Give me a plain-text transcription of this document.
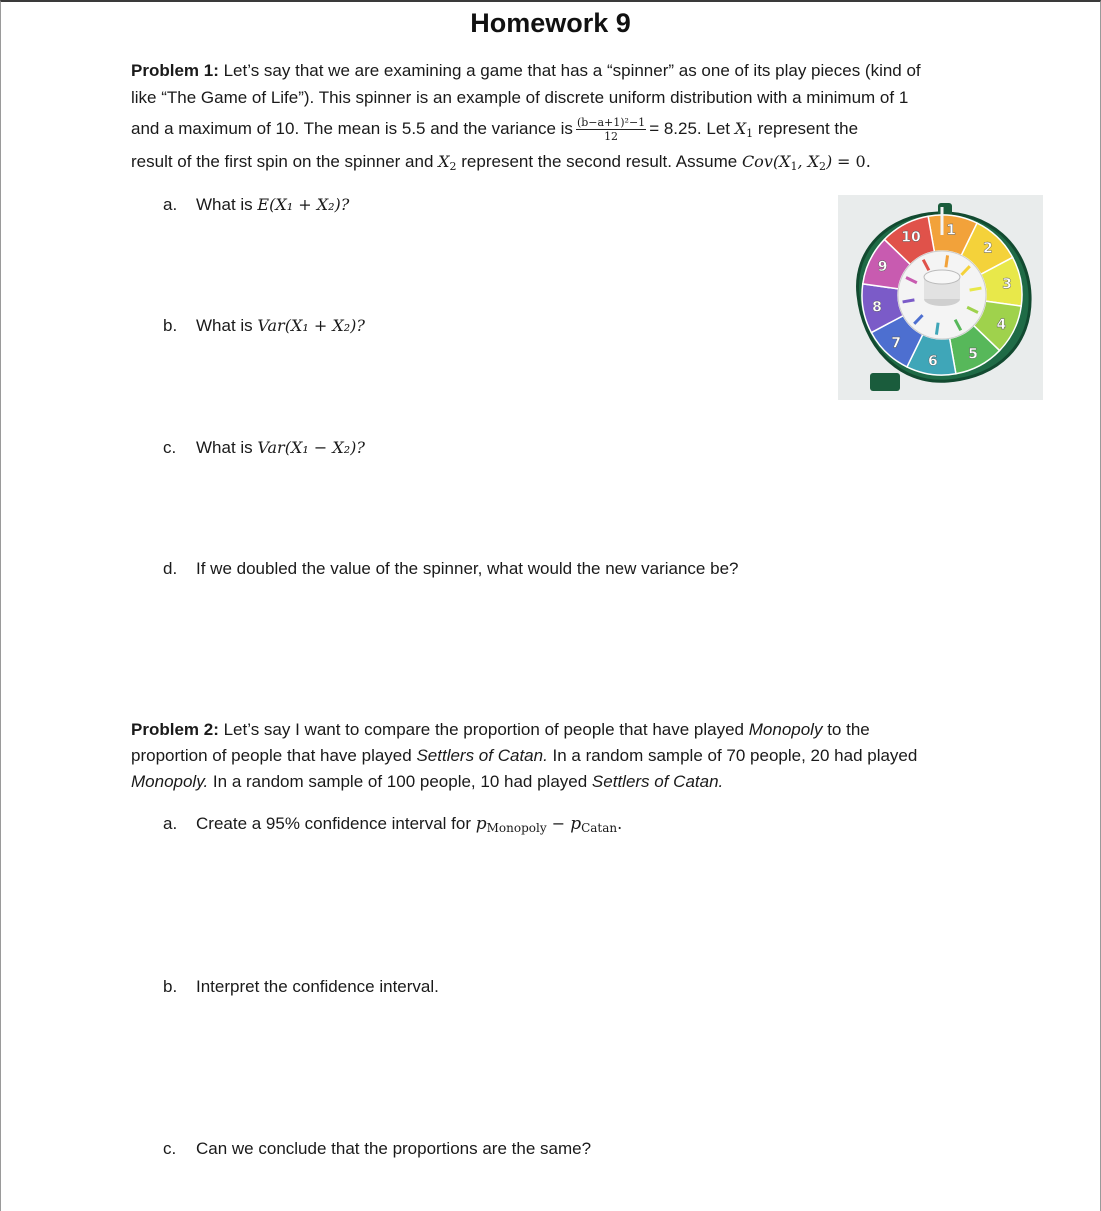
Homework 9
Problem 1: Let’s say that we are examining a game that has a “spinner” as one of its play pieces (kind of
like “The Game of Life”). This spinner is an example of discrete uniform distribution with a minimum of 1
and a maximum of 10. The mean is 5.5 and the variance is $\frac{\text{(b−a+1)²−1}}{12} = 8.25$. Let $X_1$ represent the
result of the first spin on the spinner and $X_2$ represent the second result. Assume $Cov(X_1$, $X_2) = 0$.
a. What is E(X₁ + X₂)?
b. What is Var(X₁ + X₂)?
c. What is Var(X₁ − X₂)?
d. If we doubled the value of the spinner, what would the new variance be?
1
2
3
4
5
6
7
8
9
10
Problem 2: Let’s say I want to compare the proportion of people that have played Monopoly to the
proportion of people that have played Settlers of Catan. In a random sample of 70 people, 20 had played
Monopoly. In a random sample of 100 people, 10 had played Settlers of Catan.
a. Create a 95% confidence interval for $p_{Monopoly} - p_{Catan}$.
b. Interpret the confidence interval.
c. Can we conclude that the proportions are the same?
